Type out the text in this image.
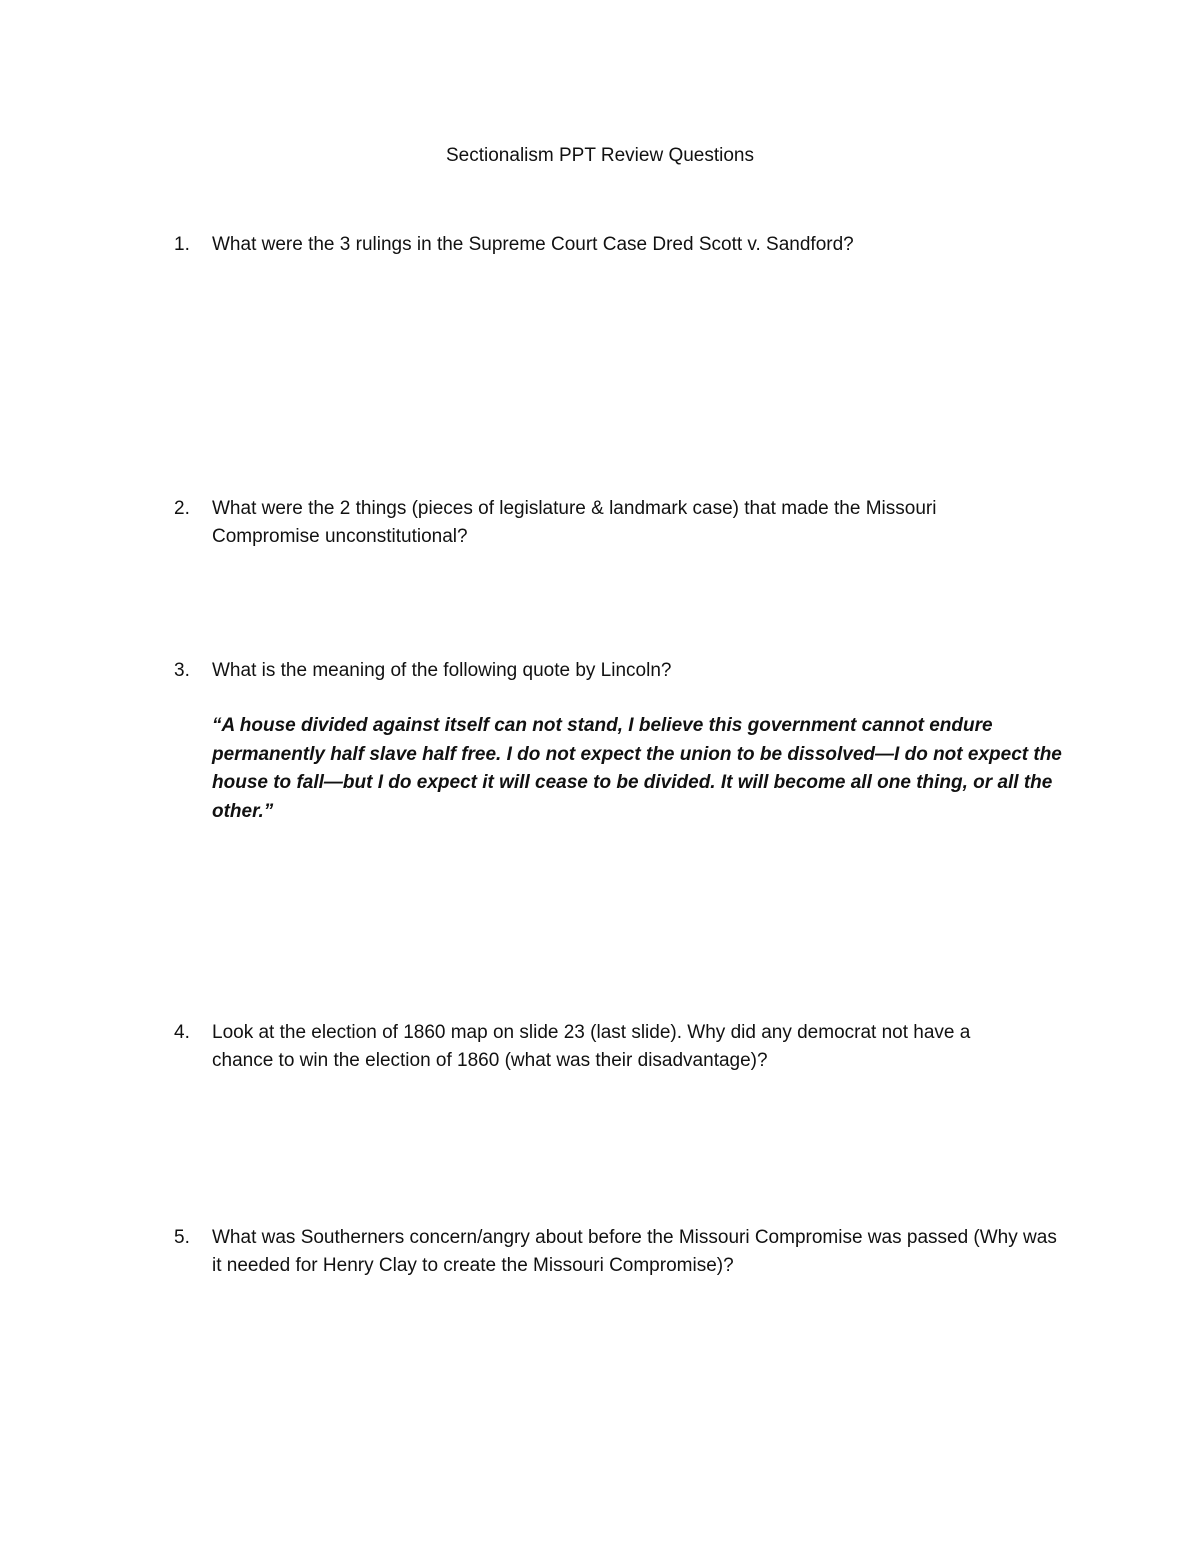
Sectionalism PPT Review Questions
1. What were the 3 rulings in the Supreme Court Case Dred Scott v. Sandford?
2. What were the 2 things (pieces of legislature & landmark case) that made the Missouri Compromise unconstitutional?
3. What is the meaning of the following quote by Lincoln?
“A house divided against itself can not stand, I believe this government cannot endure permanently half slave half free. I do not expect the union to be dissolved—I do not expect the house to fall—but I do expect it will cease to be divided. It will become all one thing, or all the other.”
4. Look at the election of 1860 map on slide 23 (last slide). Why did any democrat not have a chance to win the election of 1860 (what was their disadvantage)?
5. What was Southerners concern/angry about before the Missouri Compromise was passed (Why was it needed for Henry Clay to create the Missouri Compromise)?
